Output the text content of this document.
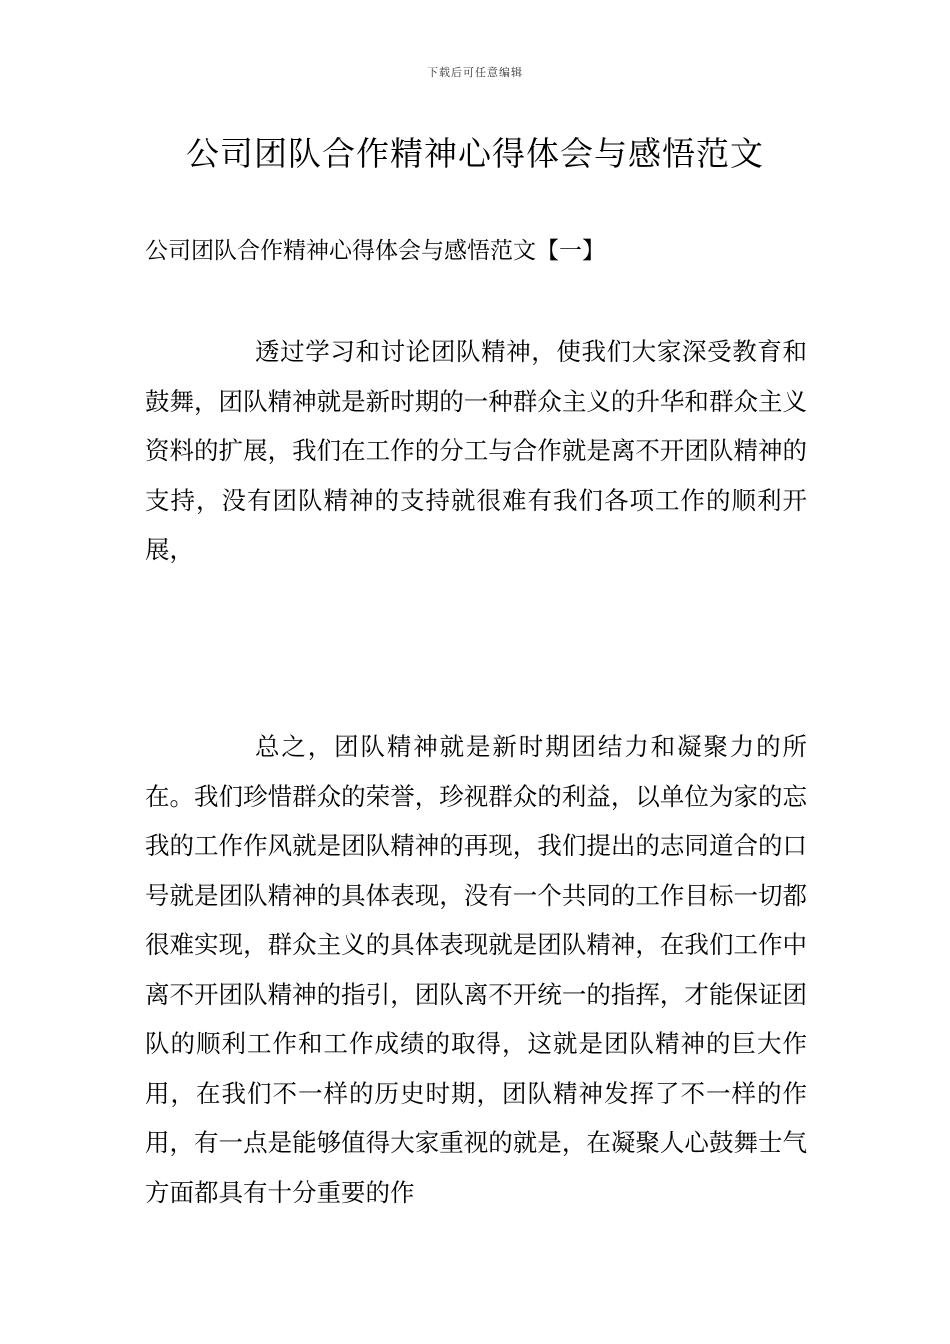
下载后可任意编辑
公司团队合作精神心得体会与感悟范文
公司团队合作精神心得体会与感悟范文【一】

透过学习和讨论团队精神，使我们大家深受教育和鼓舞，团队精神就是新时期的一种群众主义的升华和群众主义资料的扩展，我们在工作的分工与合作就是离不开团队精神的支持，没有团队精神的支持就很难有我们各项工作的顺利开展，

总之，团队精神就是新时期团结力和凝聚力的所在。我们珍惜群众的荣誉，珍视群众的利益，以单位为家的忘我的工作作风就是团队精神的再现，我们提出的志同道合的口号就是团队精神的具体表现，没有一个共同的工作目标一切都很难实现，群众主义的具体表现就是团队精神，在我们工作中离不开团队精神的指引，团队离不开统一的指挥，才能保证团队的顺利工作和工作成绩的取得，这就是团队精神的巨大作用，在我们不一样的历史时期，团队精神发挥了不一样的作用，有一点是能够值得大家重视的就是，在凝聚人心鼓舞士气方面都具有十分重要的作
